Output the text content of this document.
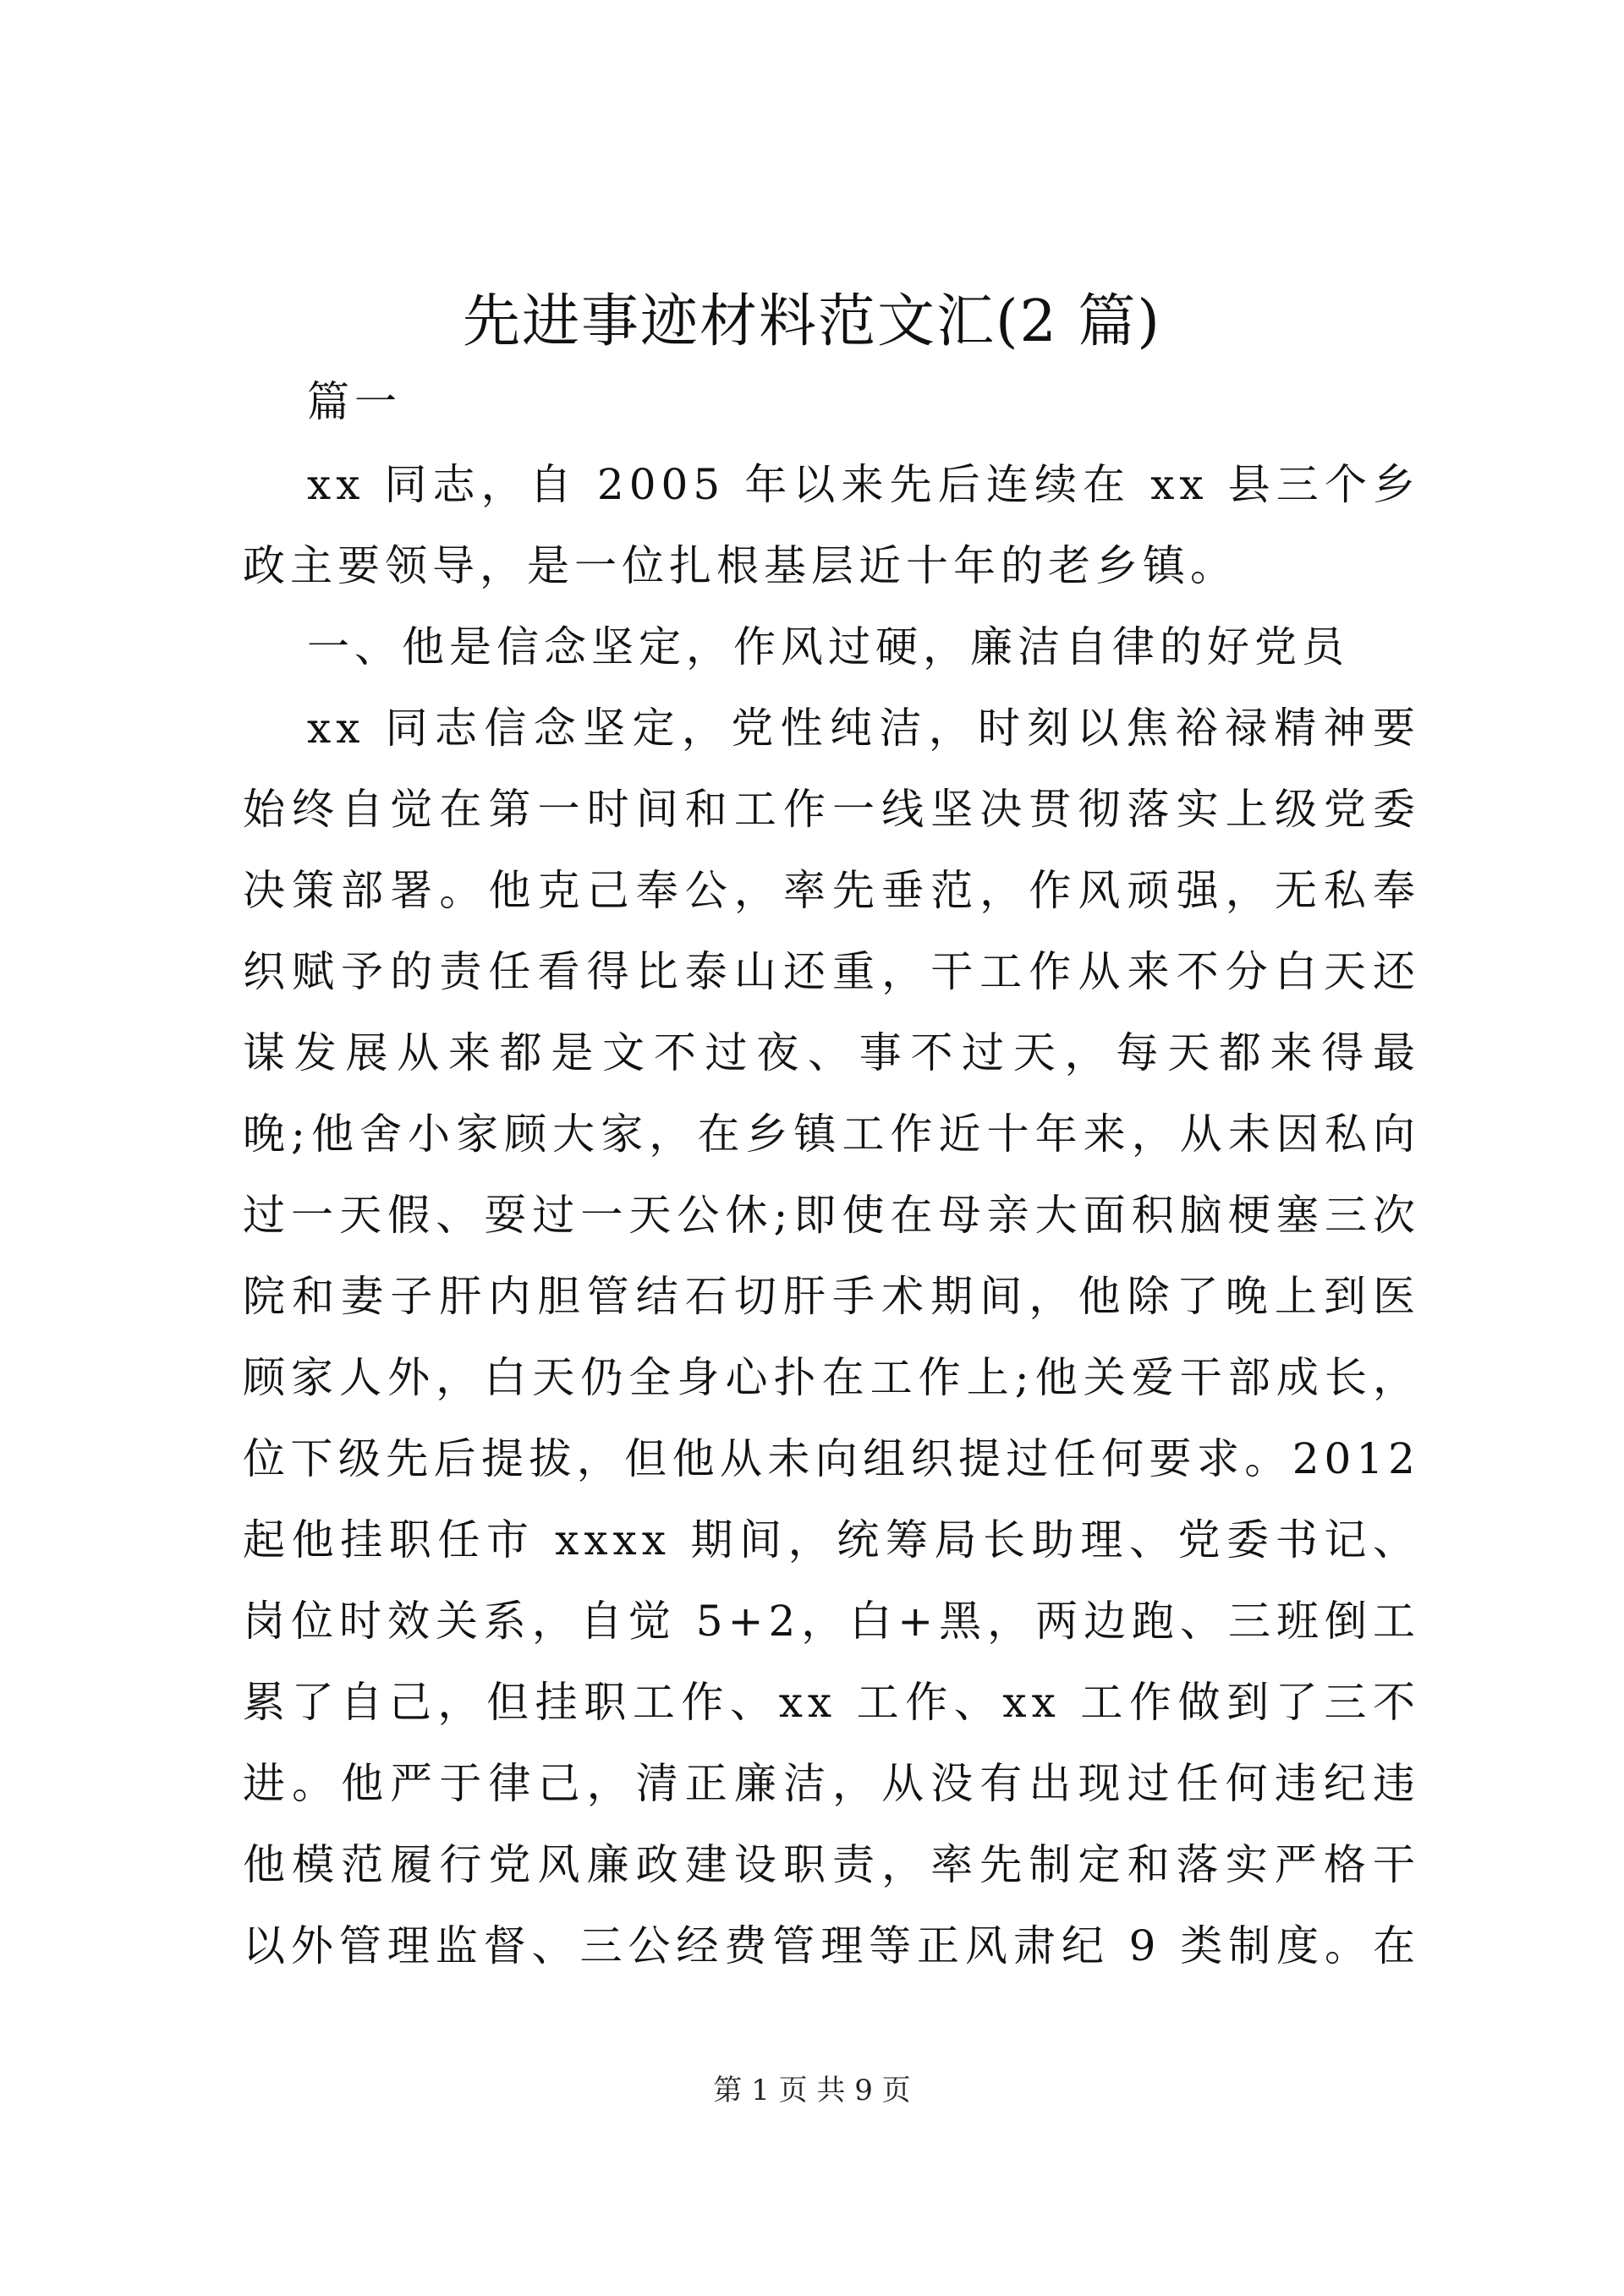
先进事迹材料范文汇(2 篇)
篇一
xx 同志，自 2005 年以来先后连续在 xx 县三个乡
政主要领导，是一位扎根基层近十年的老乡镇。
一、他是信念坚定，作风过硬，廉洁自律的好党员
xx 同志信念坚定，党性纯洁，时刻以焦裕禄精神要
始终自觉在第一时间和工作一线坚决贯彻落实上级党委
决策部署。他克己奉公，率先垂范，作风顽强，无私奉
织赋予的责任看得比泰山还重，干工作从来不分白天还
谋发展从来都是文不过夜、事不过天，每天都来得最
晚;他舍小家顾大家，在乡镇工作近十年来，从未因私向
过一天假、耍过一天公休;即使在母亲大面积脑梗塞三次
院和妻子肝内胆管结石切肝手术期间，他除了晚上到医
顾家人外，白天仍全身心扑在工作上;他关爱干部成长，
位下级先后提拔，但他从未向组织提过任何要求。2012
起他挂职任市 xxxx 期间，统筹局长助理、党委书记、
岗位时效关系，自觉 5+2，白+黑，两边跑、三班倒工
累了自己，但挂职工作、xx 工作、xx 工作做到了三不
进。他严于律己，清正廉洁，从没有出现过任何违纪违
他模范履行党风廉政建设职责，率先制定和落实严格干
以外管理监督、三公经费管理等正风肃纪 9 类制度。在
第 1 页 共 9 页
